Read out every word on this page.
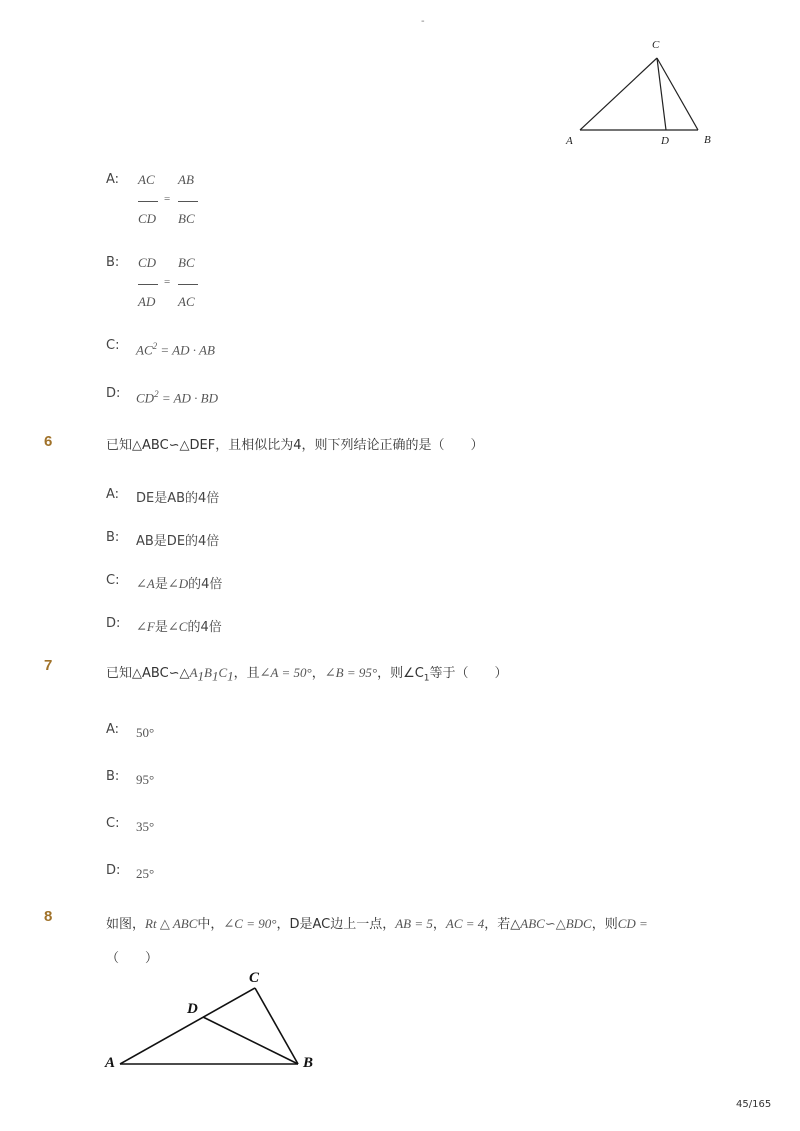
-
C
A	D	B
A: AC
CD
=
AB
BC
B: CD
AD
=
BC
AC
C: $AC^2$ = AD · AB
D: $CD^2$ = AD · BD
6	已知△ABC∽△DEF，且相似比为4，则下列结论正确的是（　　）
A: DE是AB的4倍
B: AB是DE的4倍
C: ∠A是∠D的4倍
D: ∠F是∠C的4倍
7	已知$\triangle ABC∽\triangle A_1B_1C_1$，且∠A = 50°，∠B = 95°，则$\angle C_1$等于（　　）
A: 50°
B: 95°
C: 35°
D: 25°
8	如图，Rt △ ABC中，∠C = 90°，D是AC边上一点，AB = 5，AC = 4，若△ABC∽△BDC，则CD =
（　　）
C
D
A	B
45/165
